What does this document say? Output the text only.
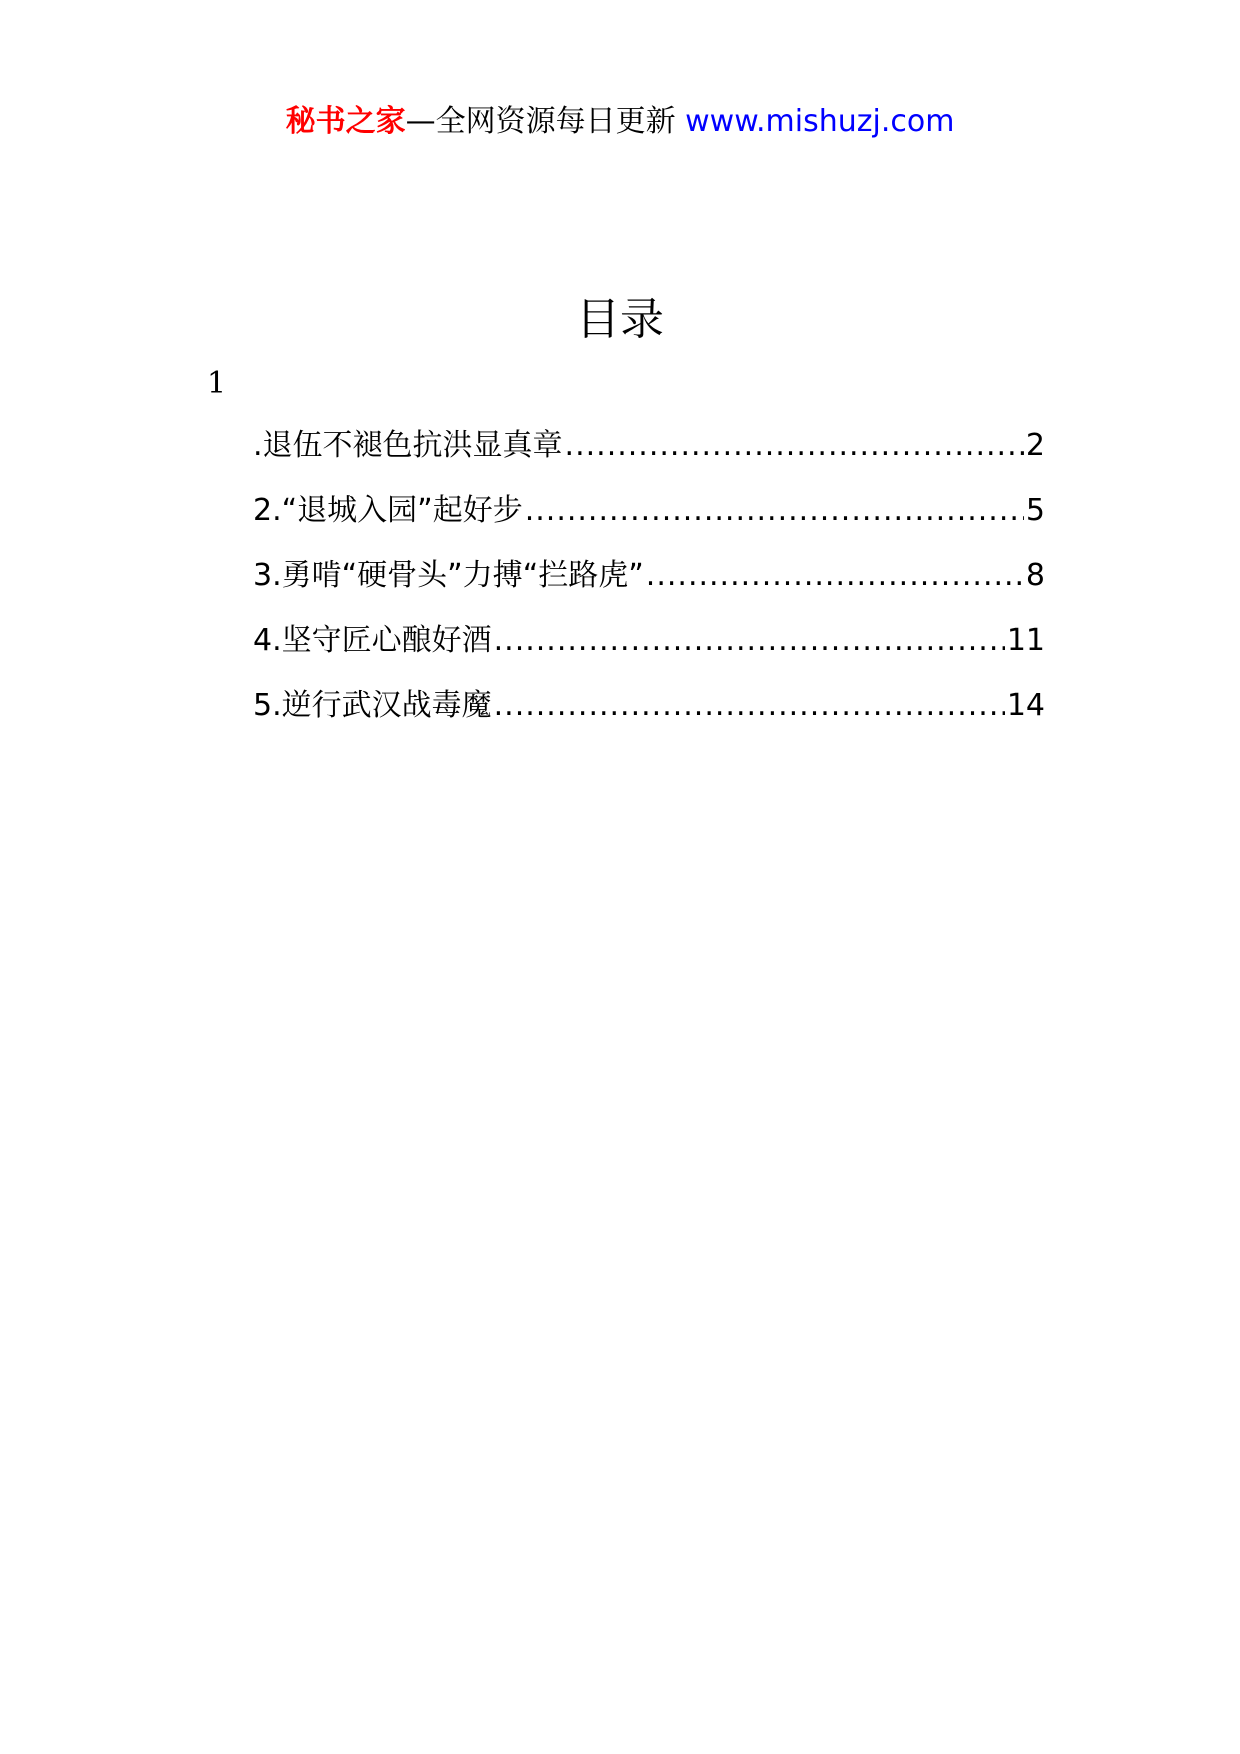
秘书之家—全网资源每日更新 www.mishuzj.com
目录
1
.退伍不褪色抗洪显真章 .....	2
2.“退城入园”起好步 .....	5
3.勇啃“硬骨头”力搏“拦路虎” .....	8
4.坚守匠心酿好酒 .....	11
5.逆行武汉战毒魔 .....	14
